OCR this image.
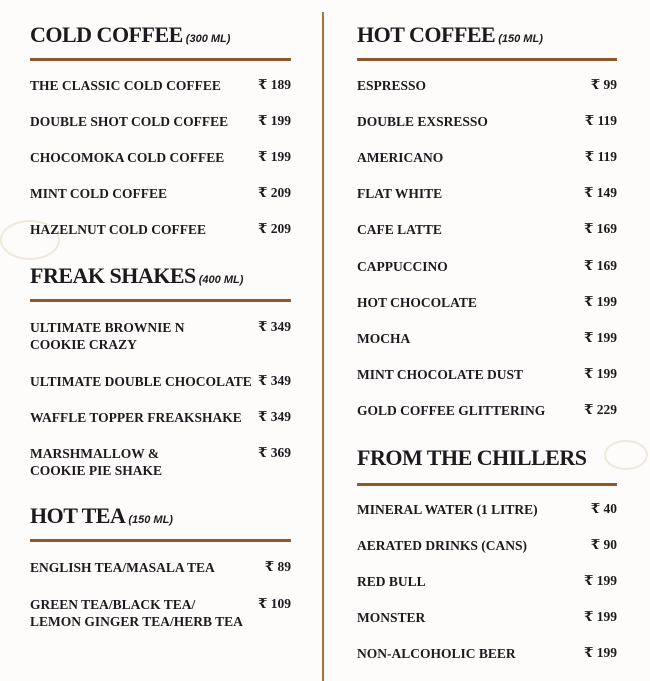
COLD COFFEE (300 ML)
THE CLASSIC COLD COFFEE	₹ 189
DOUBLE SHOT COLD COFFEE ₹ 199
CHOCOMOKA COLD COFFEE ₹ 199
MINT COLD COFFEE	₹ 209
HAZELNUT COLD COFFEE	₹ 209
FREAK SHAKES (400 ML)
ULTIMATE BROWNIE N
COOKIE CRAZY
₹ 349
ULTIMATE DOUBLE CHOCOLATE ₹ 349
WAFFLE TOPPER FREAKSHAKE ₹ 349
MARSHMALLOW &
COOKIE PIE SHAKE
₹ 369
HOT TEA (150 ML)
ENGLISH TEA/MASALA TEA	₹ 89
GREEN TEA/BLACK TEA/
LEMON GINGER TEA/HERB TEA
₹ 109
HOT COFFEE (150 ML)
ESPRESSO	₹ 99
DOUBLE EXSRESSO	₹ 119
AMERICANO	₹ 119
FLAT WHITE	₹ 149
CAFE LATTE	₹ 169
CAPPUCCINO	₹ 169
HOT CHOCOLATE	₹ 199
MOCHA	₹ 199
MINT CHOCOLATE DUST	₹ 199
GOLD COFFEE GLITTERING	₹ 229
FROM THE CHILLERS
MINERAL WATER (1 LITRE)	₹ 40
AERATED DRINKS (CANS)	₹ 90
RED BULL	₹ 199
MONSTER	₹ 199
NON-ALCOHOLIC BEER	₹ 199
